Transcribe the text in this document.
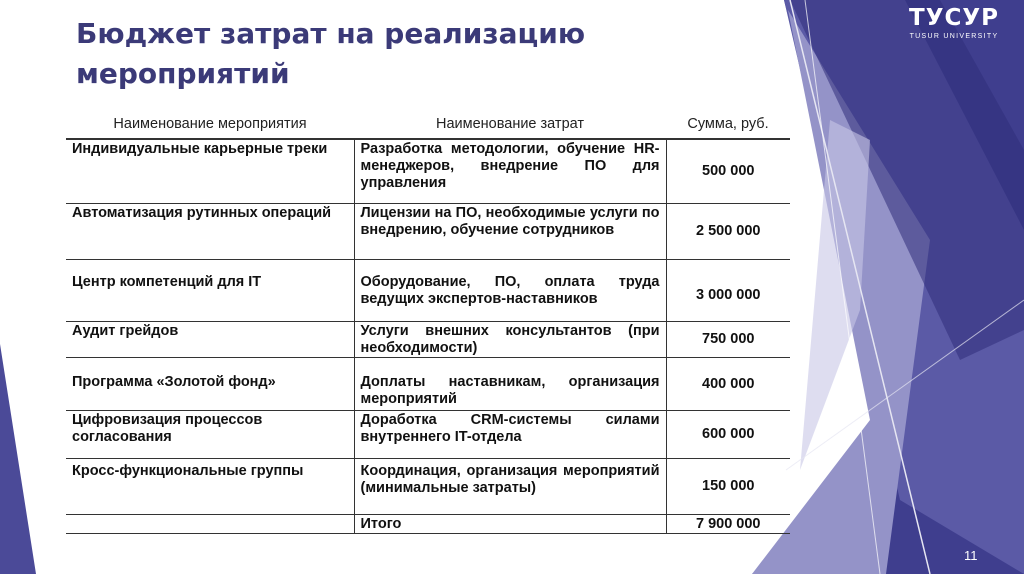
Бюджет затрат на реализацию мероприятий
ТУСУР
TUSUR UNIVERSITY
Наименование мероприятия	Наименование затрат	Сумма, руб.
Индивидуальные карьерные треки	Разработка методологии, обучение HR-менеджеров, внедрение ПО для управления	500 000
Автоматизация рутинных операций	Лицензии на ПО, необходимые услуги по внедрению, обучение сотрудников	2 500 000
Центр компетенций для IT	Оборудование, ПО, оплата труда ведущих экспертов-наставников	3 000 000
Аудит грейдов	Услуги внешних консультантов (при необходимости)	750 000
Программа «Золотой фонд»	Доплаты наставникам, организация мероприятий	400 000
Цифровизация процессов согласования	Доработка CRM-системы силами внутреннего IT-отдела	600 000
Кросс-функциональные группы	Координация, организация мероприятий (минимальные затраты)	150 000
	Итого	7 900 000
11
